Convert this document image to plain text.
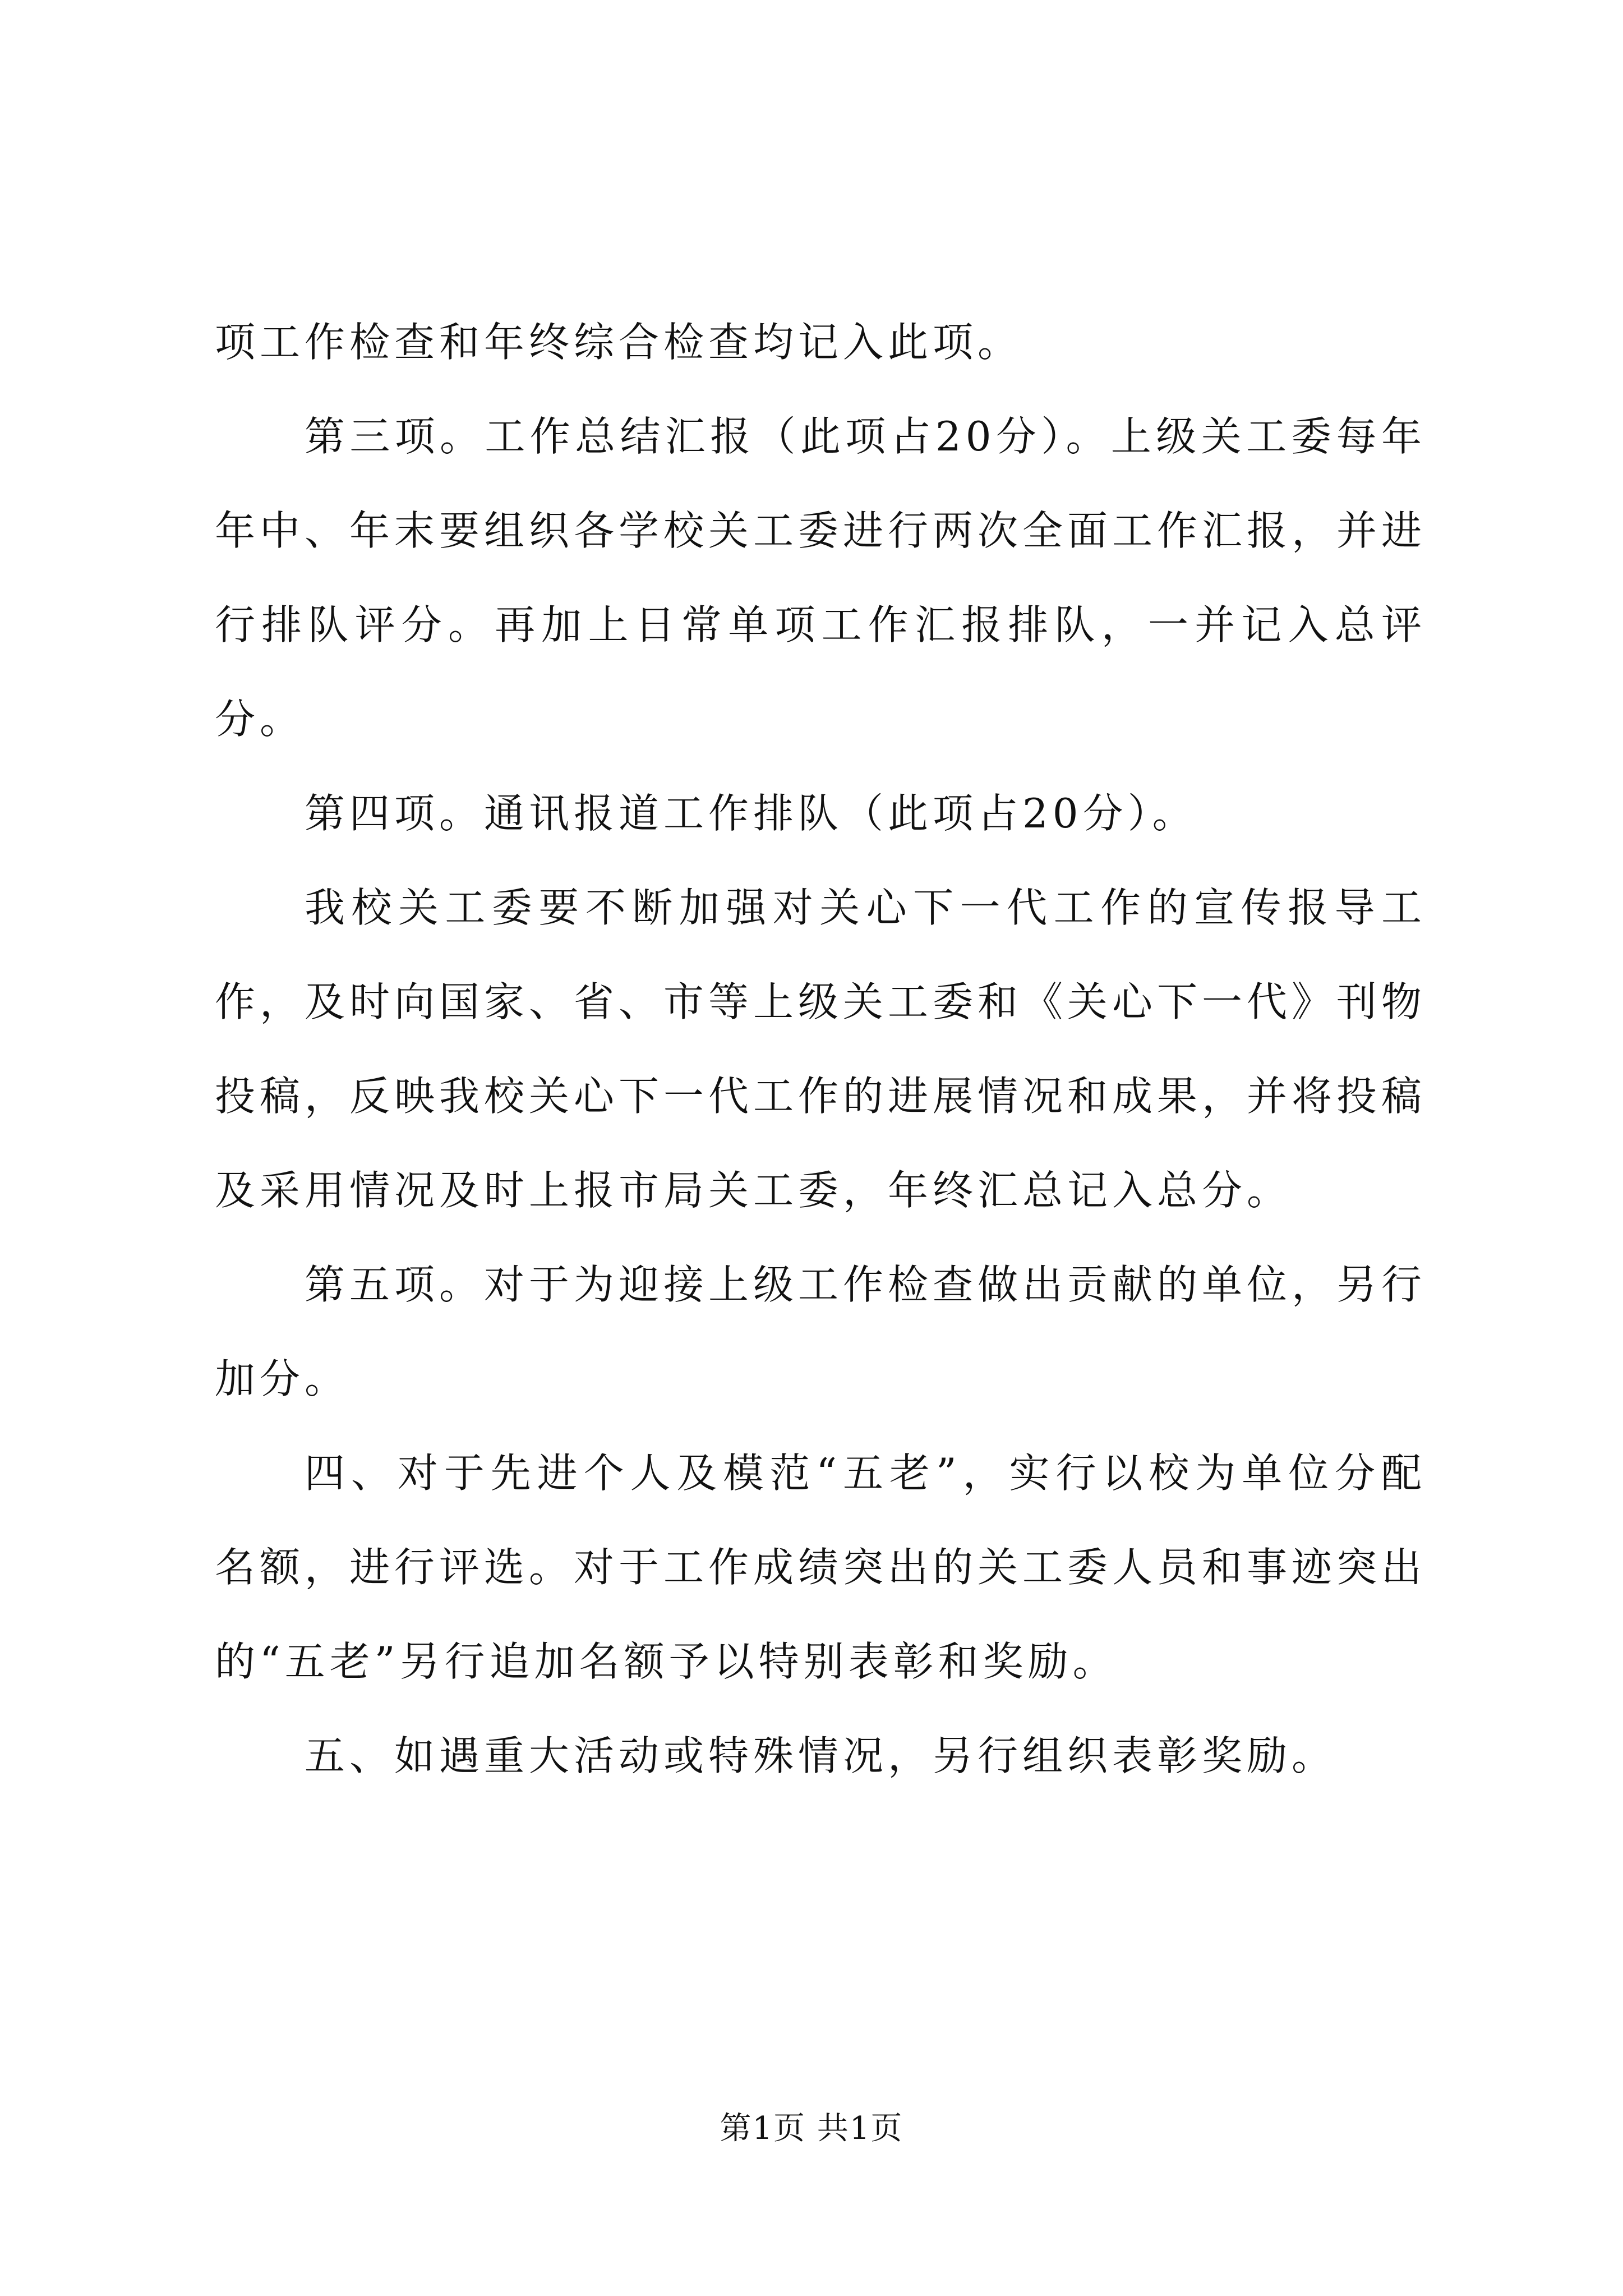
项工作检查和年终综合检查均记入此项。

第三项。工作总结汇报（此项占20分）。上级关工委每年年中、年末要组织各学校关工委进行两次全面工作汇报，并进行排队评分。再加上日常单项工作汇报排队，一并记入总评分。

第四项。通讯报道工作排队（此项占20分）。

我校关工委要不断加强对关心下一代工作的宣传报导工作，及时向国家、省、市等上级关工委和《关心下一代》刊物投稿，反映我校关心下一代工作的进展情况和成果，并将投稿及采用情况及时上报市局关工委，年终汇总记入总分。

第五项。对于为迎接上级工作检查做出贡献的单位，另行加分。

四、对于先进个人及模范“五老”，实行以校为单位分配名额，进行评选。对于工作成绩突出的关工委人员和事迹突出的“五老”另行追加名额予以特别表彰和奖励。

五、如遇重大活动或特殊情况，另行组织表彰奖励。

第1页 共1页
